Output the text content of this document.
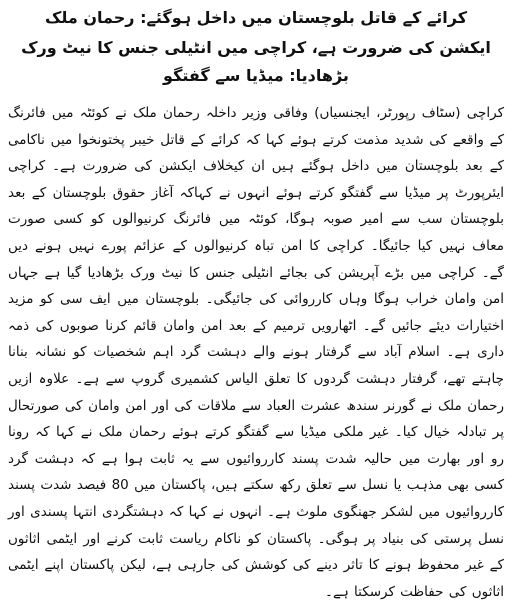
کرائے کے قاتل بلوچستان میں داخل ہوگئے: رحمان ملک
ایکشن کی ضرورت ہے، کراچی میں انٹیلی جنس کا نیٹ ورک بڑھادیا: میڈیا سے گفتگو

کراچی (سٹاف رپورٹر، ایجنسیاں) وفاقی وزیر داخلہ رحمان ملک نے کوئٹہ میں فائرنگ کے واقعے کی شدید مذمت کرتے ہوئے کہا کہ کرائے کے قاتل خیبر پختونخوا میں ناکامی کے بعد بلوچستان میں داخل ہوگئے ہیں ان کیخلاف ایکشن کی ضرورت ہے۔ کراچی ایئرپورٹ پر میڈیا سے گفتگو کرتے ہوئے انہوں نے کہاکہ آغاز حقوق بلوچستان کے بعد بلوچستان سب سے امیر صوبہ ہوگا، کوئٹہ میں فائرنگ کرنیوالوں کو کسی صورت معاف نہیں کیا جائیگا۔ کراچی کا امن تباہ کرنیوالوں کے عزائم پورے نہیں ہونے دیں گے۔ کراچی میں بڑے آپریشن کی بجائے انٹیلی جنس کا نیٹ ورک بڑھادیا گیا ہے جہاں امن وامان خراب ہوگا وہاں کارروائی کی جائیگی۔ بلوچستان میں ایف سی کو مزید اختیارات دیئے جائیں گے۔ اٹھارویں ترمیم کے بعد امن وامان قائم کرنا صوبوں کی ذمہ داری ہے۔ اسلام آباد سے گرفتار ہونے والے دہشت گرد اہم شخصیات کو نشانہ بنانا چاہتے تھے، گرفتار دہشت گردوں کا تعلق الیاس کشمیری گروپ سے ہے۔ علاوہ ازیں رحمان ملک نے گورنر سندھ عشرت العباد سے ملاقات کی اور امن وامان کی صورتحال پر تبادلہ خیال کیا۔ غیر ملکی میڈیا سے گفتگو کرتے ہوئے رحمان ملک نے کہا کہ رونا رو اور بھارت میں حالیہ شدت پسند کارروائیوں سے یہ ثابت ہوا ہے کہ دہشت گرد کسی بھی مذہب یا نسل سے تعلق رکھ سکتے ہیں، پاکستان میں 80 فیصد شدت پسند کارروائیوں میں لشکر جھنگوی ملوث ہے۔ انہوں نے کہا کہ دہشتگردی انتہا پسندی اور نسل پرستی کی بنیاد پر ہوگی۔ پاکستان کو ناکام ریاست ثابت کرنے اور ایٹمی اثاثوں کے غیر محفوظ ہونے کا تاثر دینے کی کوشش کی جارہی ہے، لیکن پاکستان اپنے ایٹمی اثاثوں کی حفاظت کرسکتا ہے۔
